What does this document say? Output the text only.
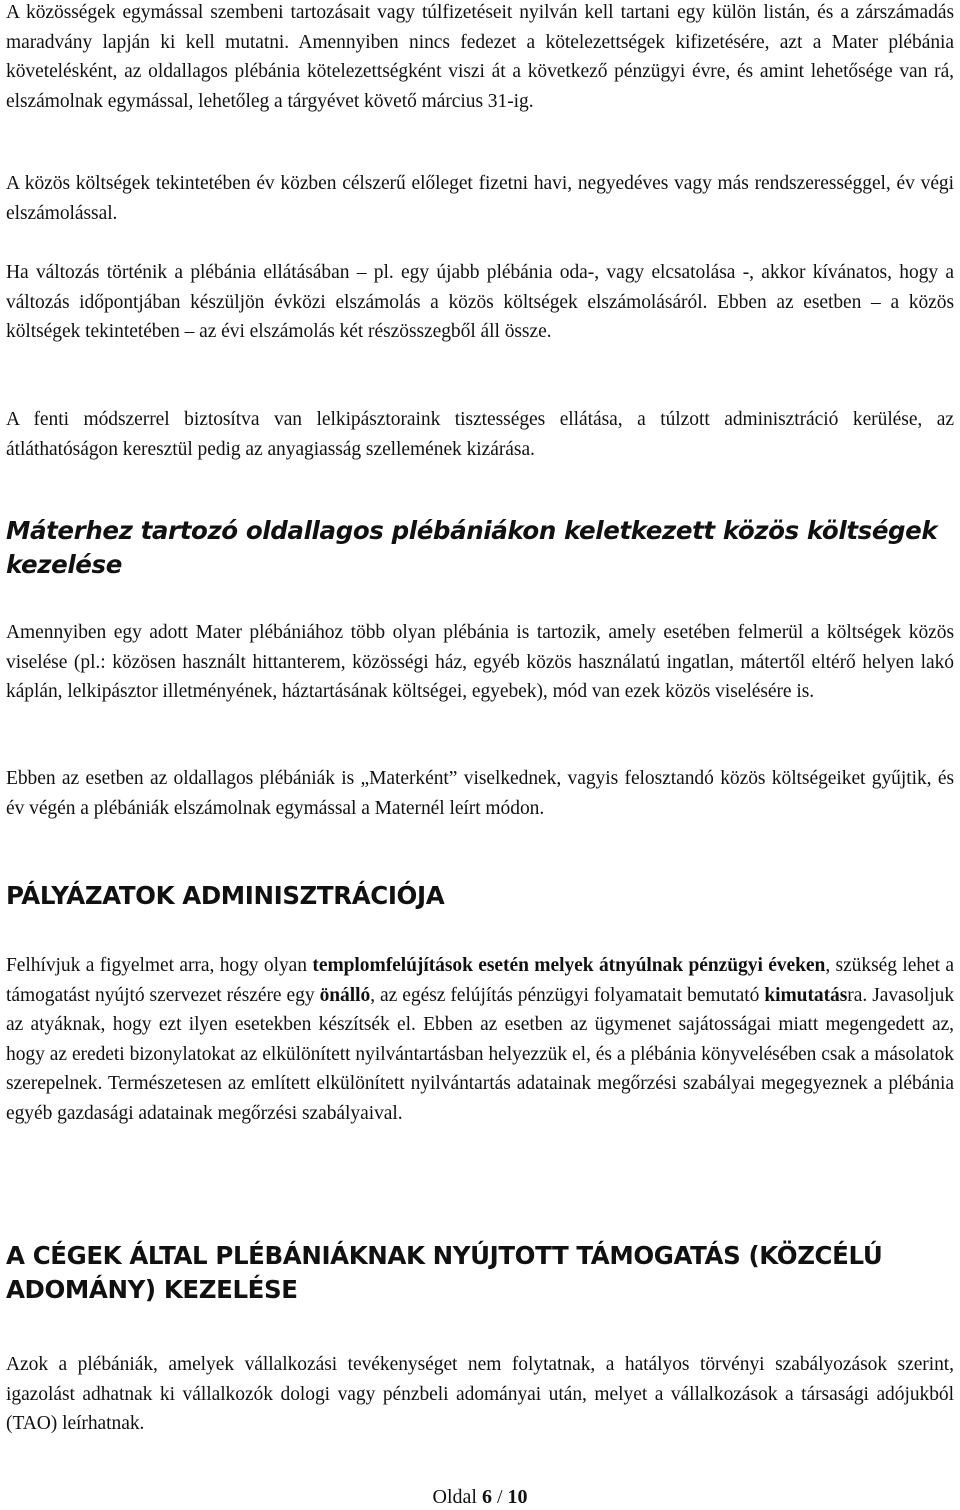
A közösségek egymással szembeni tartozásait vagy túlfizetéseit nyilván kell tartani egy külön listán, és a zárszámadás maradvány lapján ki kell mutatni. Amennyiben nincs fedezet a kötelezettségek kifizetésére, azt a Mater plébánia követelésként, az oldallagos plébánia kötelezettségként viszi át a következő pénzügyi évre, és amint lehetősége van rá, elszámolnak egymással, lehetőleg a tárgyévet követő március 31-ig.

A közös költségek tekintetében év közben célszerű előleget fizetni havi, negyedéves vagy más rendszerességgel, év végi elszámolással.

Ha változás történik a plébánia ellátásában – pl. egy újabb plébánia oda-, vagy elcsatolása -, akkor kívánatos, hogy a változás időpontjában készüljön évközi elszámolás a közös költségek elszámolásáról. Ebben az esetben – a közös költségek tekintetében – az évi elszámolás két részösszegből áll össze.

A fenti módszerrel biztosítva van lelkipásztoraink tisztességes ellátása, a túlzott adminisztráció kerülése, az átláthatóságon keresztül pedig az anyagiasság szellemének kizárása.

Máterhez tartozó oldallagos plébániákon keletkezett közös költségek kezelése

Amennyiben egy adott Mater plébániához több olyan plébánia is tartozik, amely esetében felmerül a költségek közös viselése (pl.: közösen használt hittanterem, közösségi ház, egyéb közös használatú ingatlan, mátertől eltérő helyen lakó káplán, lelkipásztor illetményének, háztartásának költségei, egyebek), mód van ezek közös viselésére is.

Ebben az esetben az oldallagos plébániák is „Materként” viselkednek, vagyis felosztandó közös költségeiket gyűjtik, és év végén a plébániák elszámolnak egymással a Maternél leírt módon.

PÁLYÁZATOK ADMINISZTRÁCIÓJA

Felhívjuk a figyelmet arra, hogy olyan templomfelújítások esetén melyek átnyúlnak pénzügyi éveken, szükség lehet a támogatást nyújtó szervezet részére egy önálló, az egész felújítás pénzügyi folyamatait bemutató kimutatásra. Javasoljuk az atyáknak, hogy ezt ilyen esetekben készítsék el. Ebben az esetben az ügymenet sajátosságai miatt megengedett az, hogy az eredeti bizonylatokat az elkülönített nyilvántartásban helyezzük el, és a plébánia könyvelésében csak a másolatok szerepelnek. Természetesen az említett elkülönített nyilvántartás adatainak megőrzési szabályai megegyeznek a plébánia egyéb gazdasági adatainak megőrzési szabályaival.

A CÉGEK ÁLTAL PLÉBÁNIÁKNAK NYÚJTOTT TÁMOGATÁS (KÖZCÉLÚ ADOMÁNY) KEZELÉSE

Azok a plébániák, amelyek vállalkozási tevékenységet nem folytatnak, a hatályos törvényi szabályozások szerint, igazolást adhatnak ki vállalkozók dologi vagy pénzbeli adományai után, melyet a vállalkozások a társasági adójukból (TAO) leírhatnak.

Oldal 6 / 10
